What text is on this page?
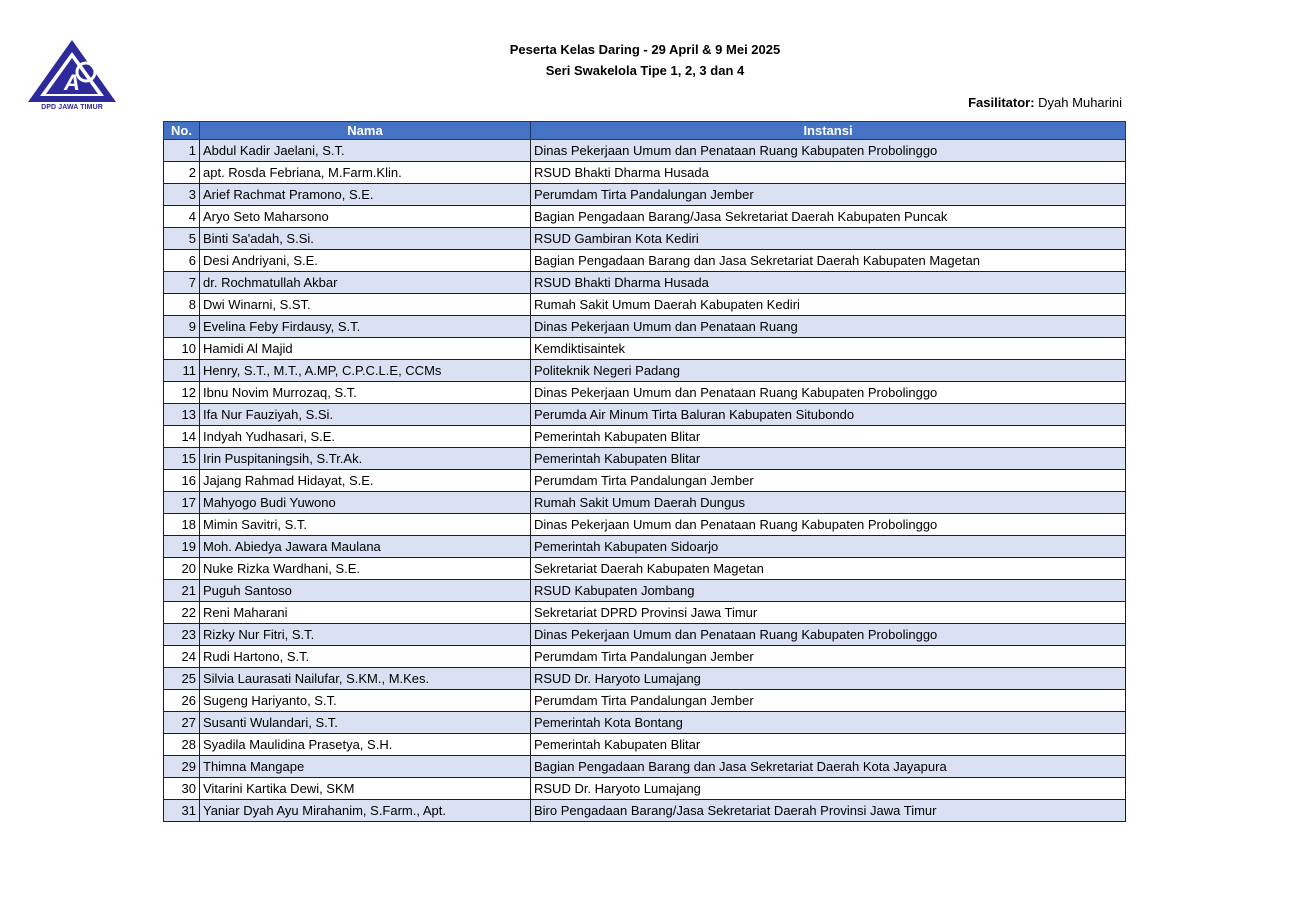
A
DPD JAWA TIMUR
Peserta Kelas Daring - 29 April & 9 Mei 2025
Seri Swakelola Tipe 1, 2, 3 dan 4
Fasilitator: Dyah Muharini
No.	Nama	Instansi
1	Abdul Kadir Jaelani, S.T.	Dinas Pekerjaan Umum dan Penataan Ruang Kabupaten Probolinggo
2	apt. Rosda Febriana, M.Farm.Klin.	RSUD Bhakti Dharma Husada
3	Arief Rachmat Pramono, S.E.	Perumdam Tirta Pandalungan Jember
4	Aryo Seto Maharsono	Bagian Pengadaan Barang/Jasa Sekretariat Daerah Kabupaten Puncak
5	Binti Sa'adah, S.Si.	RSUD Gambiran Kota Kediri
6	Desi Andriyani, S.E.	Bagian Pengadaan Barang dan Jasa Sekretariat Daerah Kabupaten Magetan
7	dr. Rochmatullah Akbar	RSUD Bhakti Dharma Husada
8	Dwi Winarni, S.ST.	Rumah Sakit Umum Daerah Kabupaten Kediri
9	Evelina Feby Firdausy, S.T.	Dinas Pekerjaan Umum dan Penataan Ruang
10	Hamidi Al Majid	Kemdiktisaintek
11	Henry, S.T., M.T., A.MP, C.P.C.L.E, CCMs	Politeknik Negeri Padang
12	Ibnu Novim Murrozaq, S.T.	Dinas Pekerjaan Umum dan Penataan Ruang Kabupaten Probolinggo
13	Ifa Nur Fauziyah, S.Si.	Perumda Air Minum Tirta Baluran Kabupaten Situbondo
14	Indyah Yudhasari, S.E.	Pemerintah Kabupaten Blitar
15	Irin Puspitaningsih, S.Tr.Ak.	Pemerintah Kabupaten Blitar
16	Jajang Rahmad Hidayat, S.E.	Perumdam Tirta Pandalungan Jember
17	Mahyogo Budi Yuwono	Rumah Sakit Umum Daerah Dungus
18	Mimin Savitri, S.T.	Dinas Pekerjaan Umum dan Penataan Ruang Kabupaten Probolinggo
19	Moh. Abiedya Jawara Maulana	Pemerintah Kabupaten Sidoarjo
20	Nuke Rizka Wardhani, S.E.	Sekretariat Daerah Kabupaten Magetan
21	Puguh Santoso	RSUD Kabupaten Jombang
22	Reni Maharani	Sekretariat DPRD Provinsi Jawa Timur
23	Rizky Nur Fitri, S.T.	Dinas Pekerjaan Umum dan Penataan Ruang Kabupaten Probolinggo
24	Rudi Hartono, S.T.	Perumdam Tirta Pandalungan Jember
25	Silvia Laurasati Nailufar, S.KM., M.Kes.	RSUD Dr. Haryoto Lumajang
26	Sugeng Hariyanto, S.T.	Perumdam Tirta Pandalungan Jember
27	Susanti Wulandari, S.T.	Pemerintah Kota Bontang
28	Syadila Maulidina Prasetya, S.H.	Pemerintah Kabupaten Blitar
29	Thimna Mangape	Bagian Pengadaan Barang dan Jasa Sekretariat Daerah Kota Jayapura
30	Vitarini Kartika Dewi, SKM	RSUD Dr. Haryoto Lumajang
31	Yaniar Dyah Ayu Mirahanim, S.Farm., Apt.	Biro Pengadaan Barang/Jasa Sekretariat Daerah Provinsi Jawa Timur
